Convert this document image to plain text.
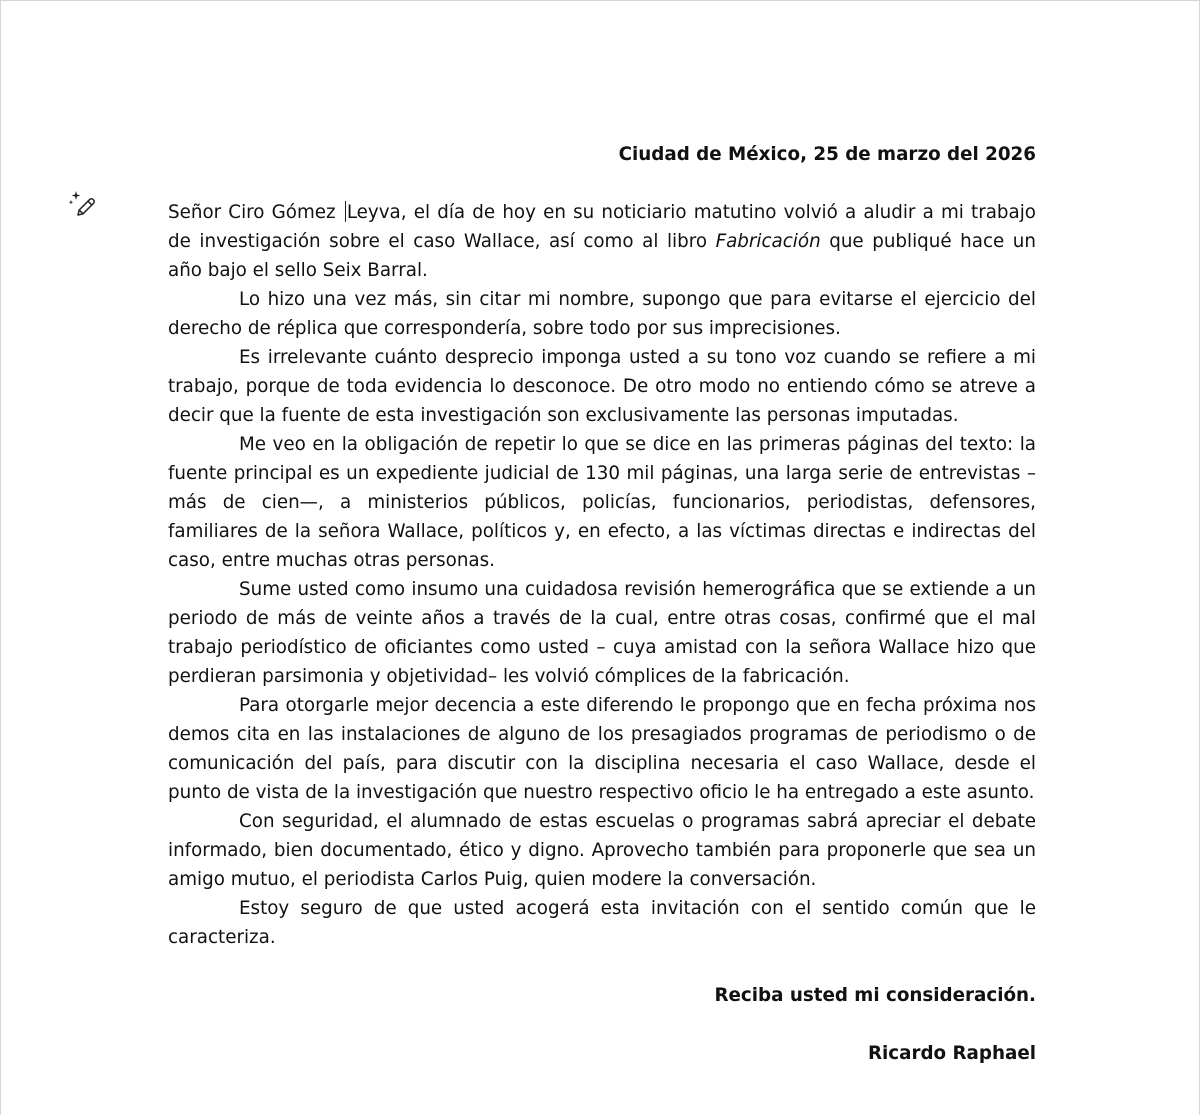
Ciudad de México, 25 de marzo del 2026

Señor Ciro Gómez Leyva, el día de hoy en su noticiario matutino volvió a aludir a mi trabajo de investigación sobre el caso Wallace, así como al libro Fabricación que publiqué hace un año bajo el sello Seix Barral.

Lo hizo una vez más, sin citar mi nombre, supongo que para evitarse el ejercicio del derecho de réplica que correspondería, sobre todo por sus imprecisiones.

Es irrelevante cuánto desprecio imponga usted a su tono voz cuando se refiere a mi trabajo, porque de toda evidencia lo desconoce. De otro modo no entiendo cómo se atreve a decir que la fuente de esta investigación son exclusivamente las personas imputadas.

Me veo en la obligación de repetir lo que se dice en las primeras páginas del texto: la fuente principal es un expediente judicial de 130 mil páginas, una larga serie de entrevistas –más de cien—, a ministerios públicos, policías, funcionarios, periodistas, defensores, familiares de la señora Wallace, políticos y, en efecto, a las víctimas directas e indirectas del caso, entre muchas otras personas.

Sume usted como insumo una cuidadosa revisión hemerográfica que se extiende a un periodo de más de veinte años a través de la cual, entre otras cosas, confirmé que el mal trabajo periodístico de oficiantes como usted – cuya amistad con la señora Wallace hizo que perdieran parsimonia y objetividad– les volvió cómplices de la fabricación.

Para otorgarle mejor decencia a este diferendo le propongo que en fecha próxima nos demos cita en las instalaciones de alguno de los presagiados programas de periodismo o de comunicación del país, para discutir con la disciplina necesaria el caso Wallace, desde el punto de vista de la investigación que nuestro respectivo oficio le ha entregado a este asunto.

Con seguridad, el alumnado de estas escuelas o programas sabrá apreciar el debate informado, bien documentado, ético y digno. Aprovecho también para proponerle que sea un amigo mutuo, el periodista Carlos Puig, quien modere la conversación.

Estoy seguro de que usted acogerá esta invitación con el sentido común que le caracteriza.

Reciba usted mi consideración.

Ricardo Raphael
